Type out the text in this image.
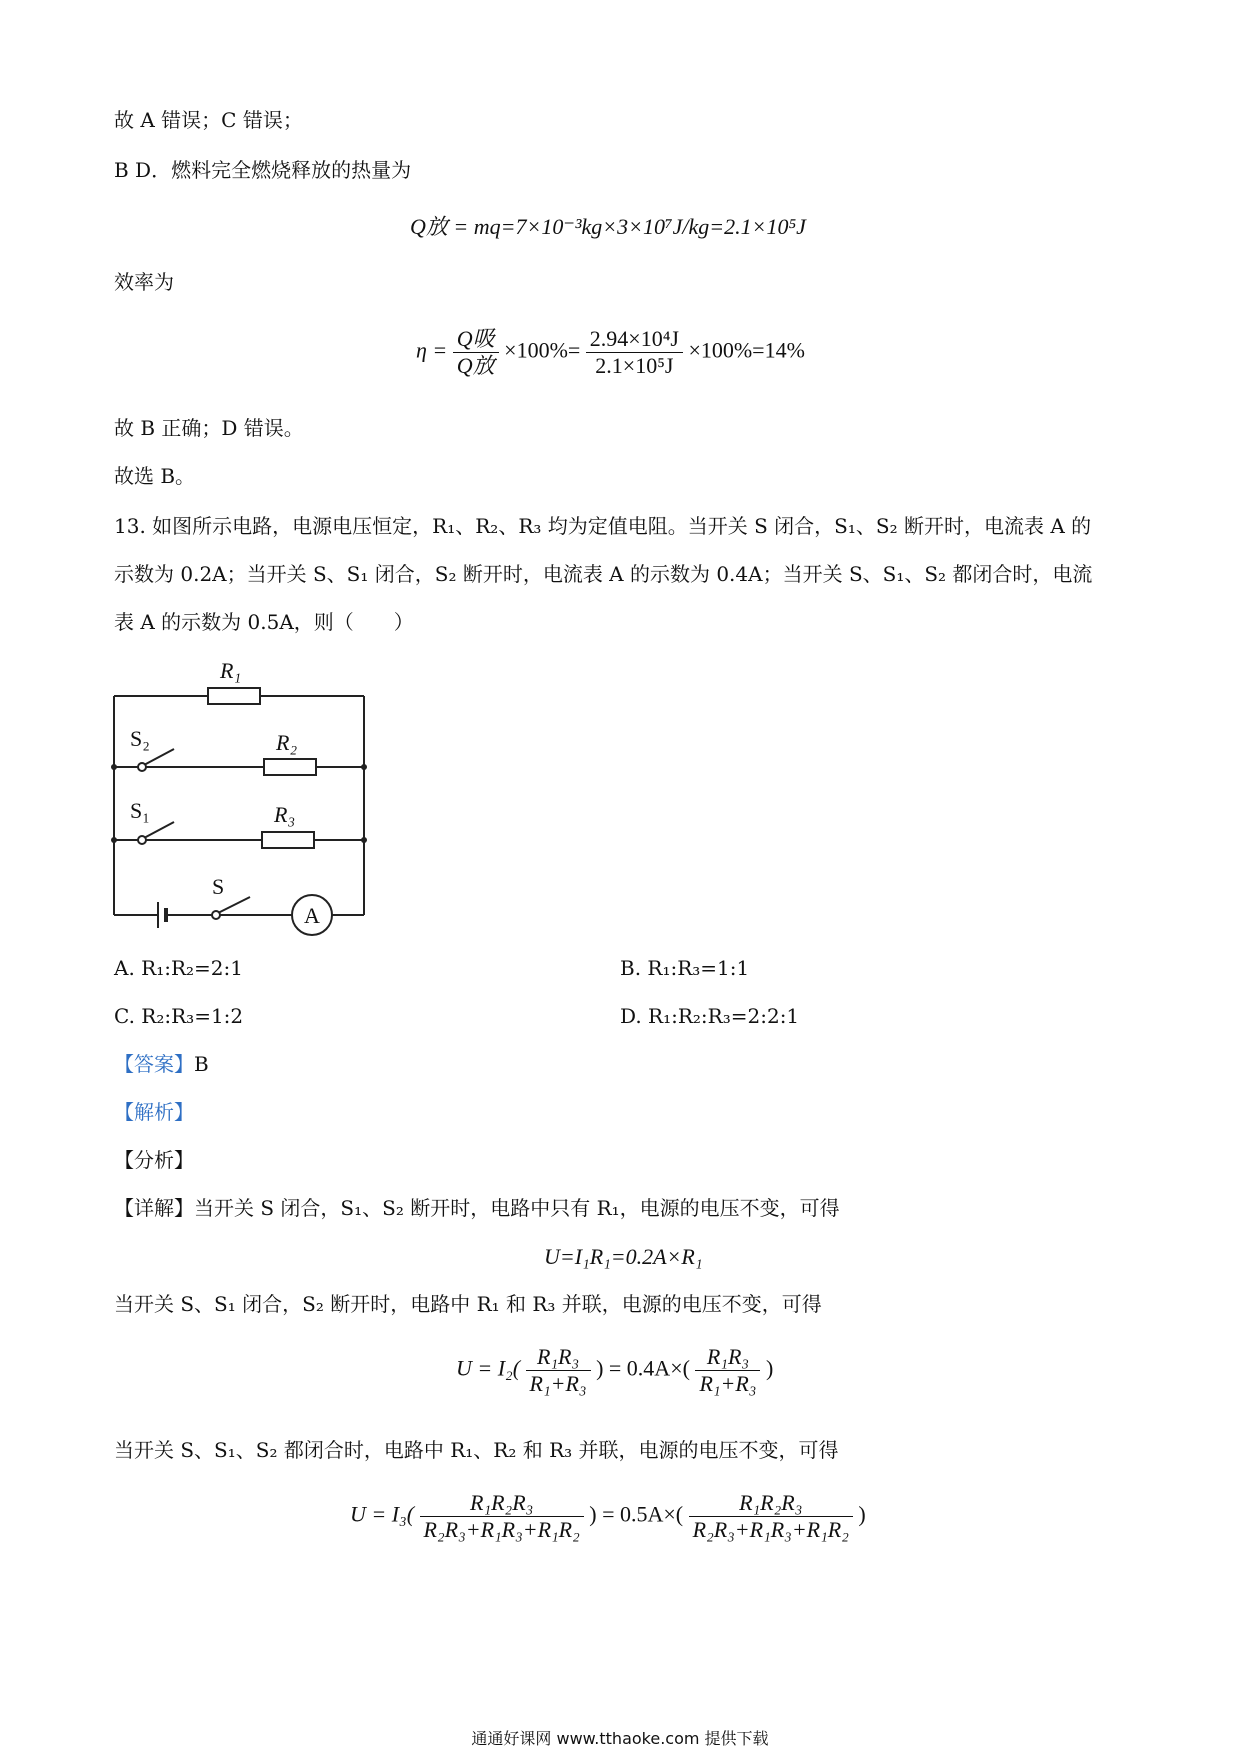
故 A 错误；C 错误；
B D．燃料完全燃烧释放的热量为
Q放 = mq=7×10⁻³kg×3×10⁷J/kg=2.1×10⁵J
效率为
$\eta = \frac{\text{Q吸}}{\text{Q放}} \times 100\%= \frac{\text{2.94×10⁴J}}{\text{2.1×10⁵J}} \times 100\%=14\%$
故 B 正确；D 错误。
故选 B。
13. 如图所示电路，电源电压恒定，R₁、R₂、R₃ 均为定值电阻。当开关 S 闭合，S₁、S₂ 断开时，电流表 A 的
示数为 0.2A；当开关 S、S₁ 闭合，S₂ 断开时，电流表 A 的示数为 0.4A；当开关 S、S₁、S₂ 都闭合时，电流
表 A 的示数为 0.5A，则（　　）
R₁
R₂
R₃
S₂
S₁
S
A
A. R₁:R₂=2:1	B. R₁:R₃=1:1
C. R₂:R₃=1:2	D. R₁:R₂:R₃=2:2:1
【答案】B
【解析】
【分析】
【详解】当开关 S 闭合，S₁、S₂ 断开时，电路中只有 R₁，电源的电压不变，可得
U=I₁R₁=0.2A×R₁
当开关 S、S₁ 闭合，S₂ 断开时，电路中 R₁ 和 R₃ 并联，电源的电压不变，可得
$U = I_2( \frac{\text{R₁R₃}}{\text{R₁+R₃}}$ ) = $0.4A\times( \frac{\text{R₁R₃}}{\text{R₁+R₃}}$ )
当开关 S、S₁、S₂ 都闭合时，电路中 R₁、R₂ 和 R₃ 并联，电源的电压不变，可得
$U = I_3( \frac{\text{R₁R₂R₃}}{\text{R₂R₃+R₁R₃+R₁R₂}}$ ) = $0.5A\times( \frac{\text{R₁R₂R₃}}{\text{R₂R₃+R₁R₃+R₁R₂}}$ )
通通好课网 www.tthaoke.com 提供下载
